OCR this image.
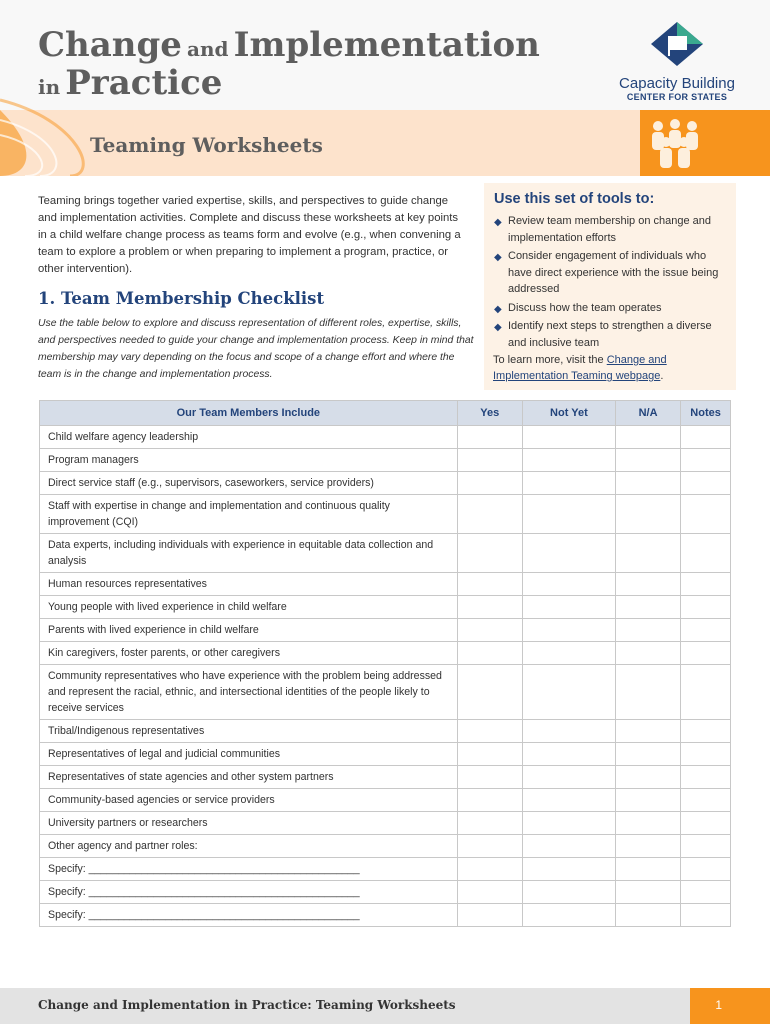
Change and Implementation
in Practice	Capacity Building
CENTER FOR STATES
Teaming Worksheets
Teaming brings together varied expertise, skills, and perspectives to guide change and implementation activities. Complete and discuss these worksheets at key points in a child welfare change process as teams form and evolve (e.g., when convening a team to explore a problem or when preparing to implement a program, practice, or other intervention).
1. Team Membership Checklist
Use the table below to explore and discuss representation of different roles, expertise, skills, and perspectives needed to guide your change and implementation process. Keep in mind that membership may vary depending on the focus and scope of a change effort and where the team is in the change and implementation process.
Use this set of tools to:
◆ Review team membership on change and implementation efforts
◆ Consider engagement of individuals who have direct experience with the issue being addressed
◆ Discuss how the team operates
◆ Identify next steps to strengthen a diverse and inclusive team
To learn more, visit the Change and Implementation Teaming webpage.
Our Team Members Include	Yes	Not Yet	N/A	Notes
Child welfare agency leadership				
Program managers				
Direct service staff (e.g., supervisors, caseworkers, service providers)				
Staff with expertise in change and implementation and continuous quality improvement (CQI)				
Data experts, including individuals with experience in equitable data collection and analysis				
Human resources representatives				
Young people with lived experience in child welfare				
Parents with lived experience in child welfare				
Kin caregivers, foster parents, or other caregivers				
Community representatives who have experience with the problem being addressed and represent the racial, ethnic, and intersectional identities of the people likely to receive services				
Tribal/Indigenous representatives				
Representatives of legal and judicial communities				
Representatives of state agencies and other system partners				
Community-based agencies or service providers				
University partners or researchers				
Other agency and partner roles:				
Specify: ______________________________________________				
Specify: ______________________________________________				
Specify: ______________________________________________				
Change and Implementation in Practice: Teaming Worksheets	1
